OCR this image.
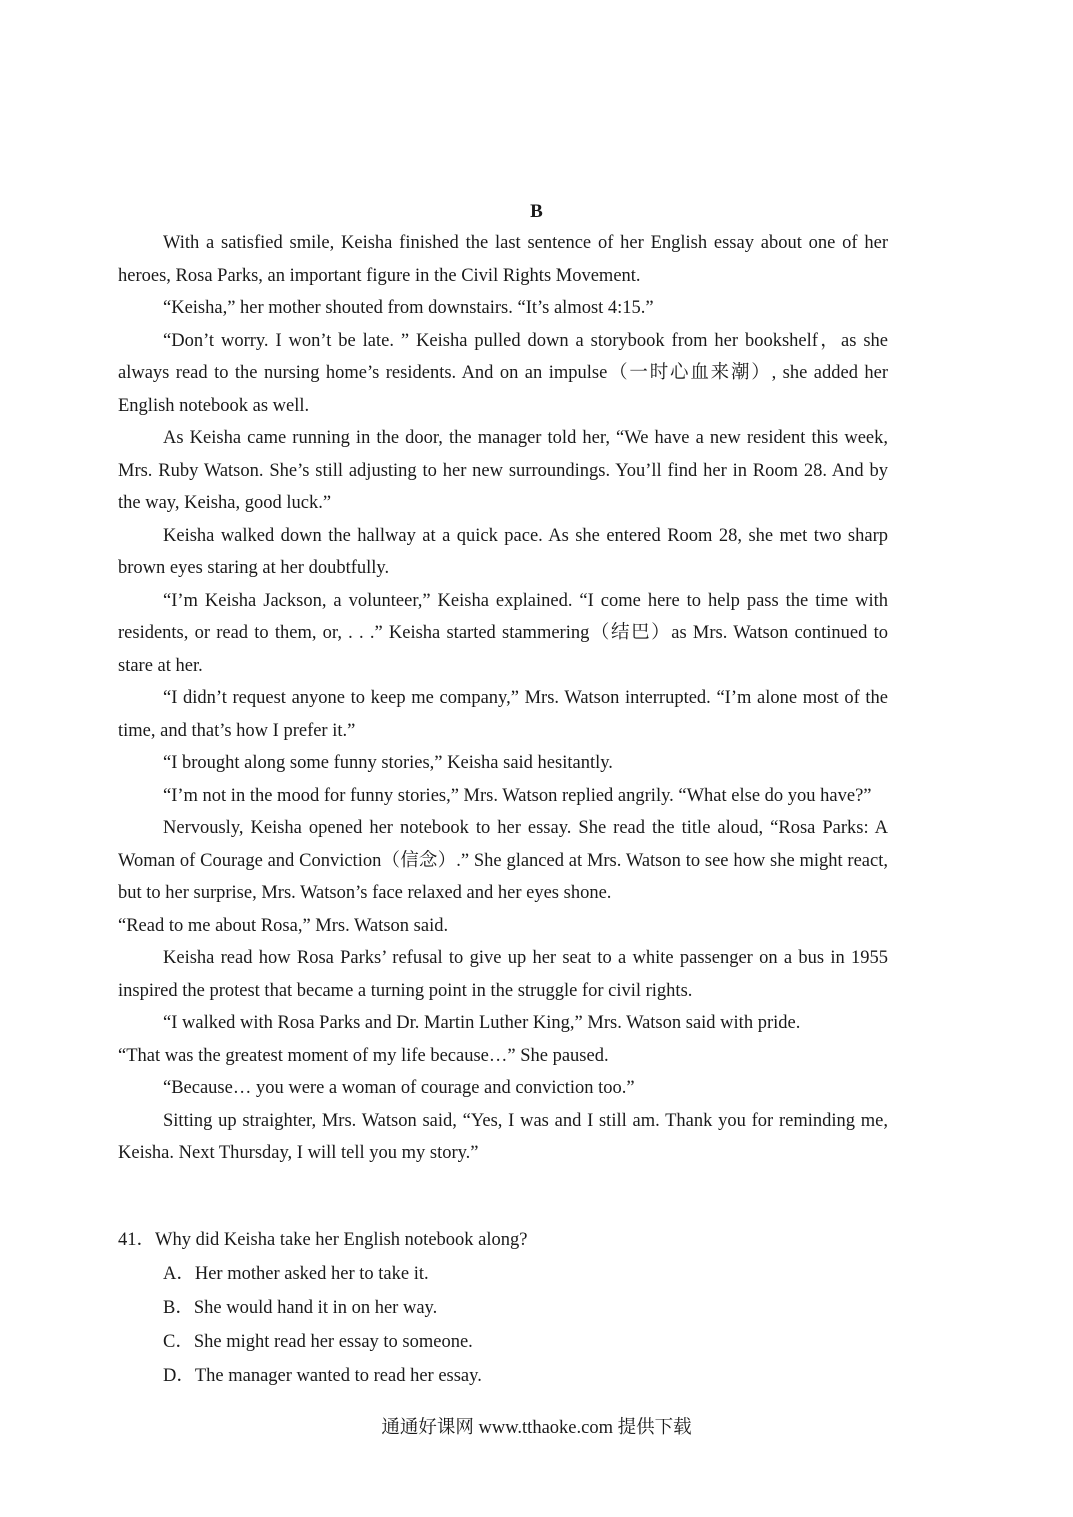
B

With a satisfied smile, Keisha finished the last sentence of her English essay about one of her heroes, Rosa Parks, an important figure in the Civil Rights Movement.

“Keisha,” her mother shouted from downstairs. “It’s almost 4:15.”

“Don’t worry. I won’t be late. ” Keisha pulled down a storybook from her bookshelf，as she always read to the nursing home’s residents. And on an impulse（一时心血来潮）, she added her English notebook as well.

As Keisha came running in the door, the manager told her, “We have a new resident this week, Mrs. Ruby Watson. She’s still adjusting to her new surroundings. You’ll find her in Room 28. And by the way, Keisha, good luck.”

Keisha walked down the hallway at a quick pace. As she entered Room 28, she met two sharp brown eyes staring at her doubtfully.

“I’m Keisha Jackson, a volunteer,” Keisha explained. “I come here to help pass the time with residents, or read to them, or, . . .” Keisha started stammering（结巴）as Mrs. Watson continued to stare at her.

“I didn’t request anyone to keep me company,” Mrs. Watson interrupted. “I’m alone most of the time, and that’s how I prefer it.”

“I brought along some funny stories,” Keisha said hesitantly.

“I’m not in the mood for funny stories,” Mrs. Watson replied angrily. “What else do you have?”

Nervously, Keisha opened her notebook to her essay. She read the title aloud, “Rosa Parks: A Woman of Courage and Conviction（信念）.” She glanced at Mrs. Watson to see how she might react, but to her surprise, Mrs. Watson’s face relaxed and her eyes shone.

“Read to me about Rosa,” Mrs. Watson said.

Keisha read how Rosa Parks’ refusal to give up her seat to a white passenger on a bus in 1955 inspired the protest that became a turning point in the struggle for civil rights.

“I walked with Rosa Parks and Dr. Martin Luther King,” Mrs. Watson said with pride.

“That was the greatest moment of my life because…” She paused.

“Because… you were a woman of courage and conviction too.”

Sitting up straighter, Mrs. Watson said, “Yes, I was and I still am. Thank you for reminding me, Keisha. Next Thursday, I will tell you my story.”

41．Why did Keisha take her English notebook along?

A．Her mother asked her to take it.

B．She would hand it in on her way.

C．She might read her essay to someone.

D．The manager wanted to read her essay.

通通好课网 www.tthaoke.com 提供下载
